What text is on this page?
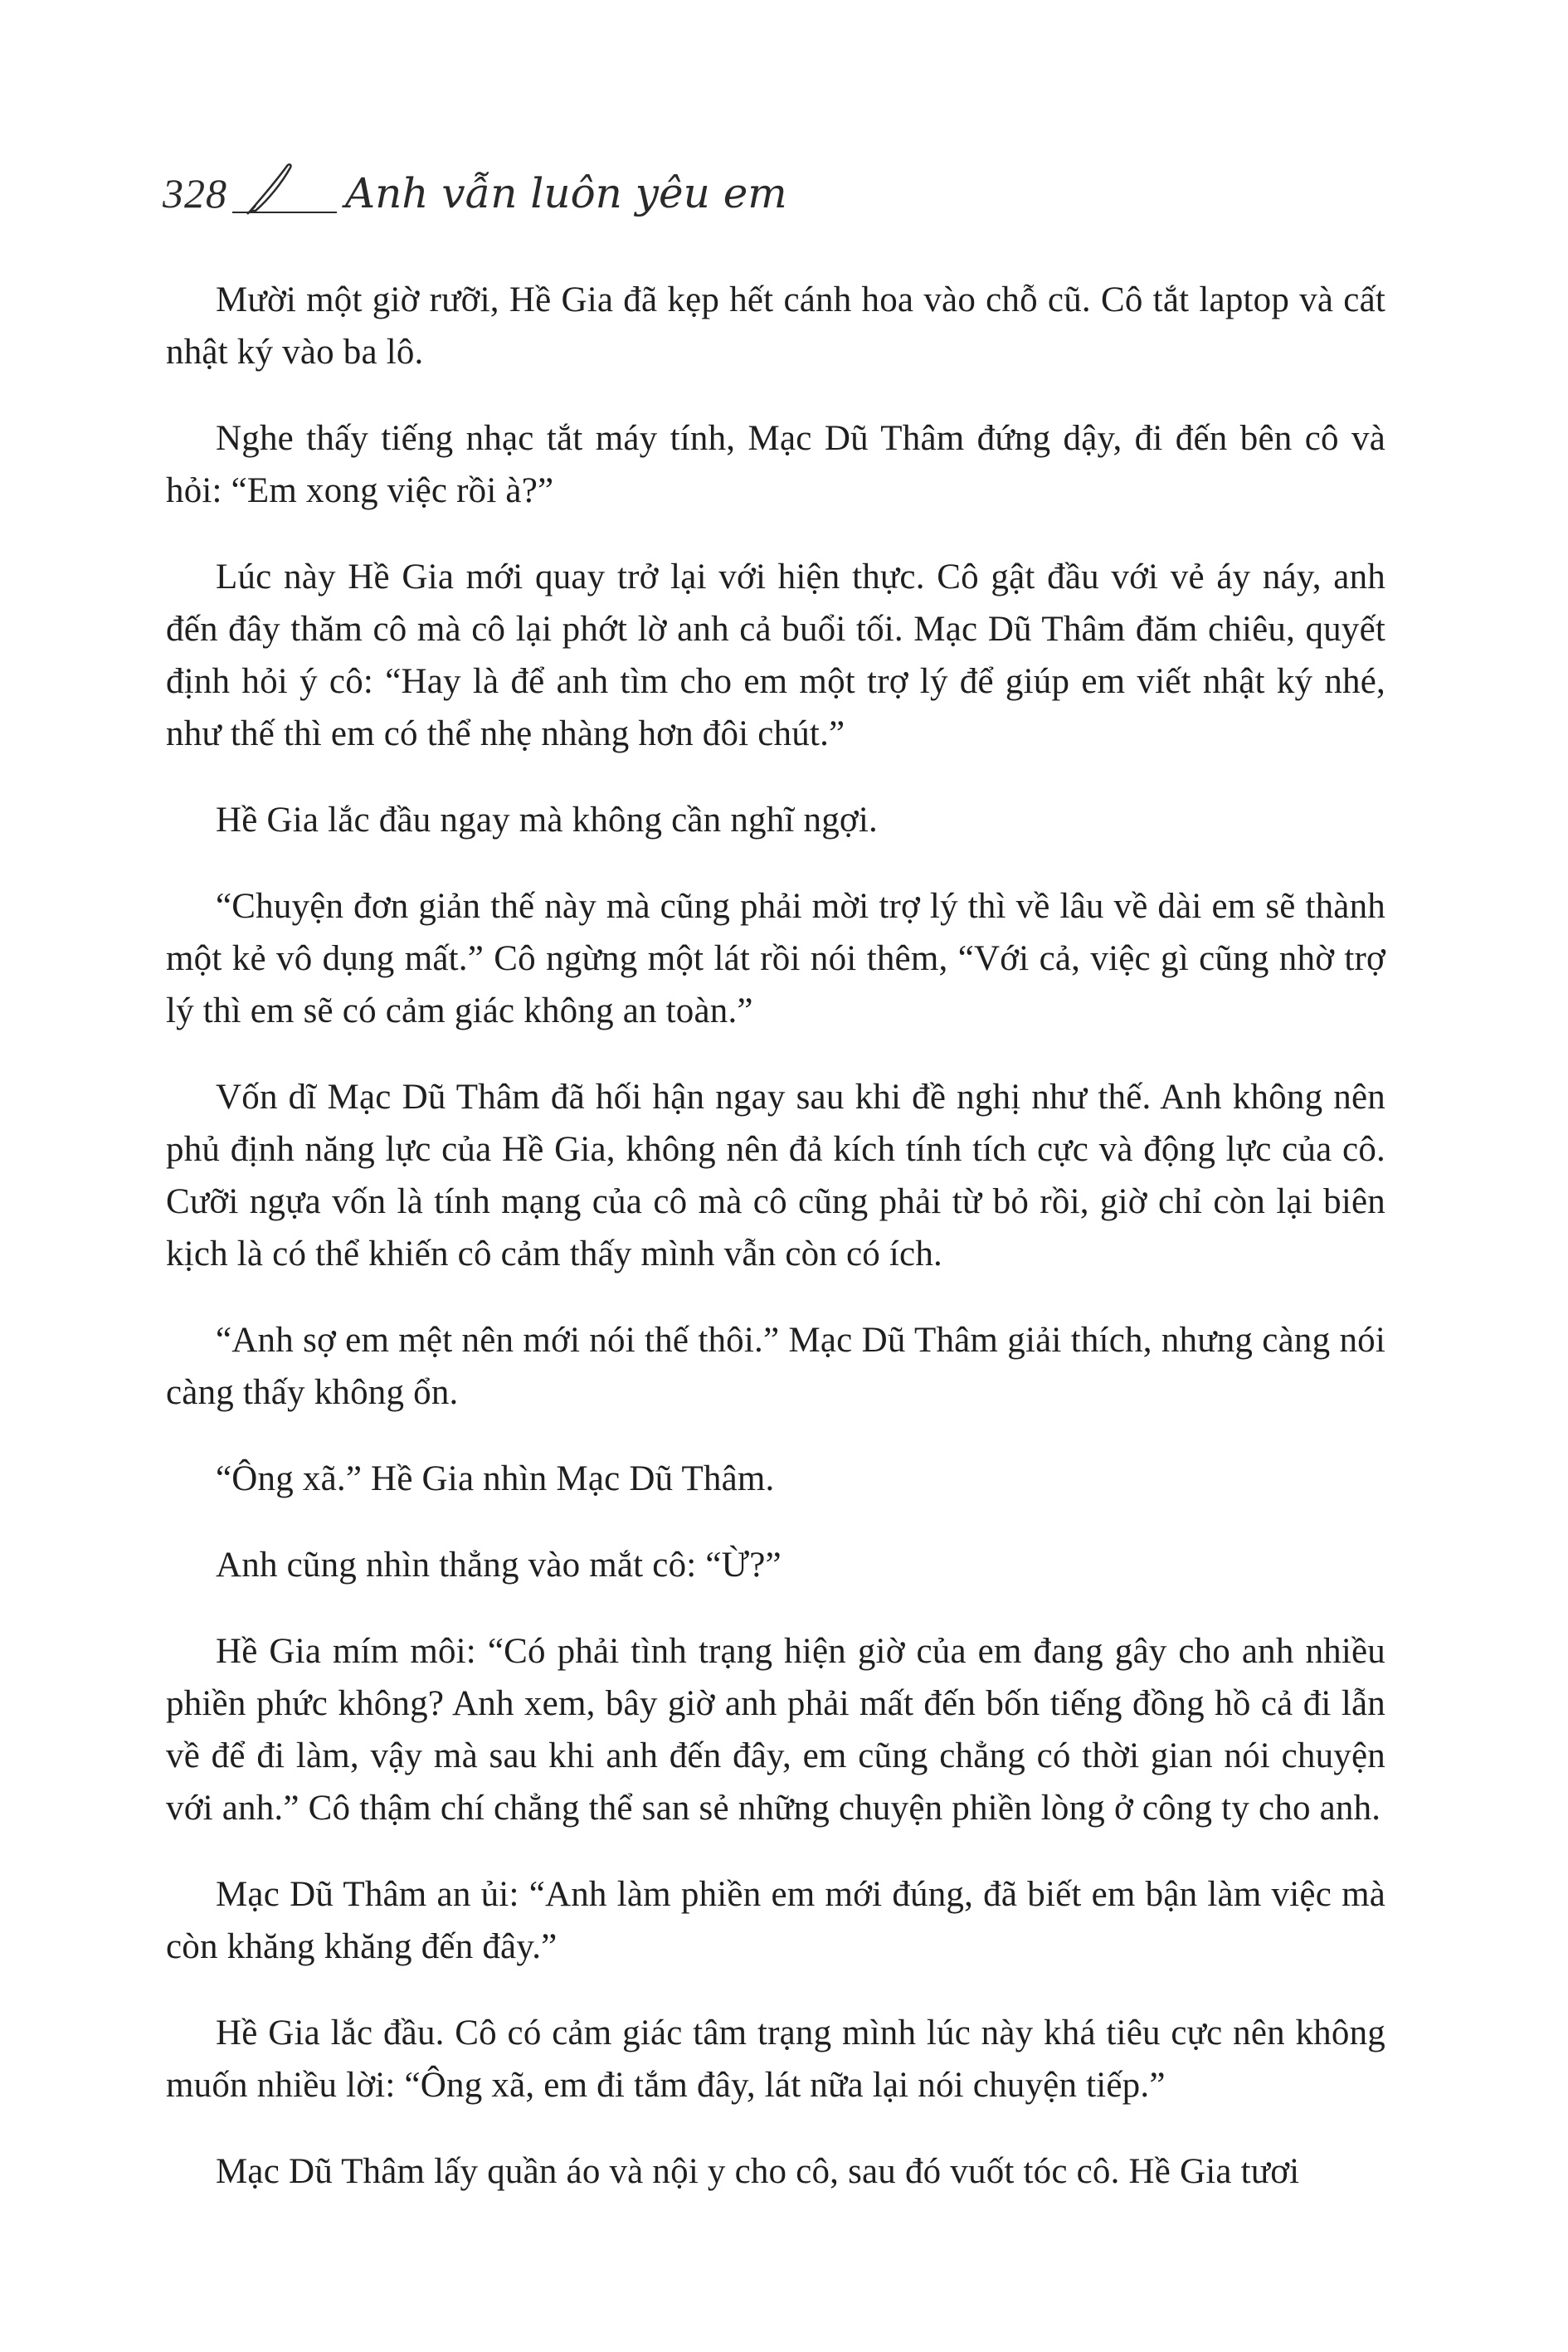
328	Anh vẫn luôn yêu em

Mười một giờ rưỡi, Hề Gia đã kẹp hết cánh hoa vào chỗ cũ. Cô tắt laptop và cất nhật ký vào ba lô.

Nghe thấy tiếng nhạc tắt máy tính, Mạc Dũ Thâm đứng dậy, đi đến bên cô và hỏi: “Em xong việc rồi à?”

Lúc này Hề Gia mới quay trở lại với hiện thực. Cô gật đầu với vẻ áy náy, anh đến đây thăm cô mà cô lại phớt lờ anh cả buổi tối. Mạc Dũ Thâm đăm chiêu, quyết định hỏi ý cô: “Hay là để anh tìm cho em một trợ lý để giúp em viết nhật ký nhé, như thế thì em có thể nhẹ nhàng hơn đôi chút.”

Hề Gia lắc đầu ngay mà không cần nghĩ ngợi.

“Chuyện đơn giản thế này mà cũng phải mời trợ lý thì về lâu về dài em sẽ thành một kẻ vô dụng mất.” Cô ngừng một lát rồi nói thêm, “Với cả, việc gì cũng nhờ trợ lý thì em sẽ có cảm giác không an toàn.”

Vốn dĩ Mạc Dũ Thâm đã hối hận ngay sau khi đề nghị như thế. Anh không nên phủ định năng lực của Hề Gia, không nên đả kích tính tích cực và động lực của cô. Cưỡi ngựa vốn là tính mạng của cô mà cô cũng phải từ bỏ rồi, giờ chỉ còn lại biên kịch là có thể khiến cô cảm thấy mình vẫn còn có ích.

“Anh sợ em mệt nên mới nói thế thôi.” Mạc Dũ Thâm giải thích, nhưng càng nói càng thấy không ổn.

“Ông xã.” Hề Gia nhìn Mạc Dũ Thâm.

Anh cũng nhìn thẳng vào mắt cô: “Ừ?”

Hề Gia mím môi: “Có phải tình trạng hiện giờ của em đang gây cho anh nhiều phiền phức không? Anh xem, bây giờ anh phải mất đến bốn tiếng đồng hồ cả đi lẫn về để đi làm, vậy mà sau khi anh đến đây, em cũng chẳng có thời gian nói chuyện với anh.” Cô thậm chí chẳng thể san sẻ những chuyện phiền lòng ở công ty cho anh.

Mạc Dũ Thâm an ủi: “Anh làm phiền em mới đúng, đã biết em bận làm việc mà còn khăng khăng đến đây.”

Hề Gia lắc đầu. Cô có cảm giác tâm trạng mình lúc này khá tiêu cực nên không muốn nhiều lời: “Ông xã, em đi tắm đây, lát nữa lại nói chuyện tiếp.”

Mạc Dũ Thâm lấy quần áo và nội y cho cô, sau đó vuốt tóc cô. Hề Gia tươi
